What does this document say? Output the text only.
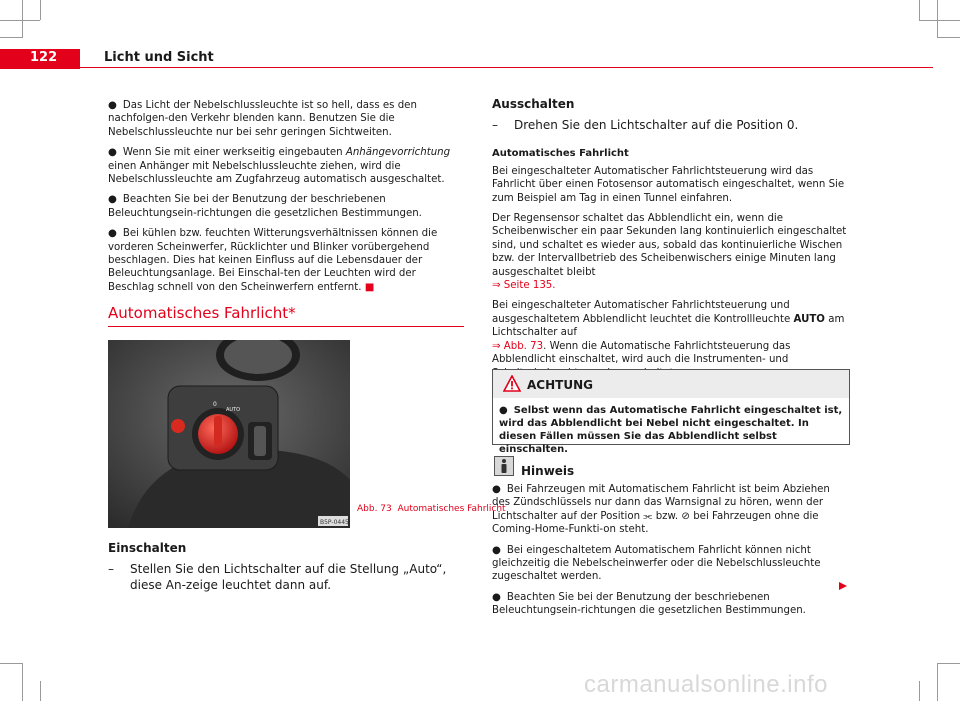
122	Licht und Sicht

● Das Licht der Nebelschlussleuchte ist so hell, dass es den nachfolgen-den Verkehr blenden kann. Benutzen Sie die Nebelschlussleuchte nur bei sehr geringen Sichtweiten.

● Wenn Sie mit einer werkseitig eingebauten Anhängevorrichtung einen Anhänger mit Nebelschlussleuchte ziehen, wird die Nebelschlussleuchte am Zugfahrzeug automatisch ausgeschaltet.

● Beachten Sie bei der Benutzung der beschriebenen Beleuchtungsein-richtungen die gesetzlichen Bestimmungen.

● Bei kühlen bzw. feuchten Witterungsverhältnissen können die vorderen Scheinwerfer, Rücklichter und Blinker vorübergehend beschlagen. Dies hat keinen Einfluss auf die Lebensdauer der Beleuchtungsanlage. Bei Einschal-ten der Leuchten wird der Beschlag schnell von den Scheinwerfern entfernt. ■

Automatisches Fahrlicht*
0
AUTO
B5P-0445
Abb. 73 Automatisches Fahrlicht
Einschalten
–	Stellen Sie den Lichtschalter auf die Stellung „Auto“, diese An-zeige leuchtet dann auf.
Ausschalten
–	Drehen Sie den Lichtschalter auf die Position 0.
Automatisches Fahrlicht

Bei eingeschalteter Automatischer Fahrlichtsteuerung wird das Fahrlicht über einen Fotosensor automatisch eingeschaltet, wenn Sie zum Beispiel am Tag in einen Tunnel einfahren.

Der Regensensor schaltet das Abblendlicht ein, wenn die Scheibenwischer ein paar Sekunden lang kontinuierlich eingeschaltet sind, und schaltet es wieder aus, sobald das kontinuierliche Wischen bzw. der Intervallbetrieb des Scheibenwischers einige Minuten lang ausgeschaltet bleibt
⇒ Seite 135.

Bei eingeschalteter Automatischer Fahrlichtsteuerung und ausgeschaltetem Abblendlicht leuchtet die Kontrollleuchte AUTO am Lichtschalter auf
⇒ Abb. 73. Wenn die Automatische Fahrlichtsteuerung das Abblendlicht einschaltet, wird auch die Instrumenten- und

ACHTUNG
● Selbst wenn das Automatische Fahrlicht eingeschaltet ist, wird das Abblendlicht bei Nebel nicht eingeschaltet. In diesen Fällen müssen Sie das Abblendlicht selbst einschalten.
Hinweis

● Bei Fahrzeugen mit Automatischem Fahrlicht ist beim Abziehen des Zündschlüssels nur dann das Warnsignal zu hören, wenn der Lichtschalter auf der Position ⫘ bzw. ⊘ bei Fahrzeugen ohne die Coming-Home-Funkti-on steht.

● Bei eingeschaltetem Automatischem Fahrlicht können nicht gleichzeitig die Nebelscheinwerfer oder die Nebelschlussleuchte zugeschaltet werden.

● Beachten Sie bei der Benutzung der beschriebenen Beleuchtungsein-richtungen die gesetzlichen Bestimmungen.

carmanualsonline.info
